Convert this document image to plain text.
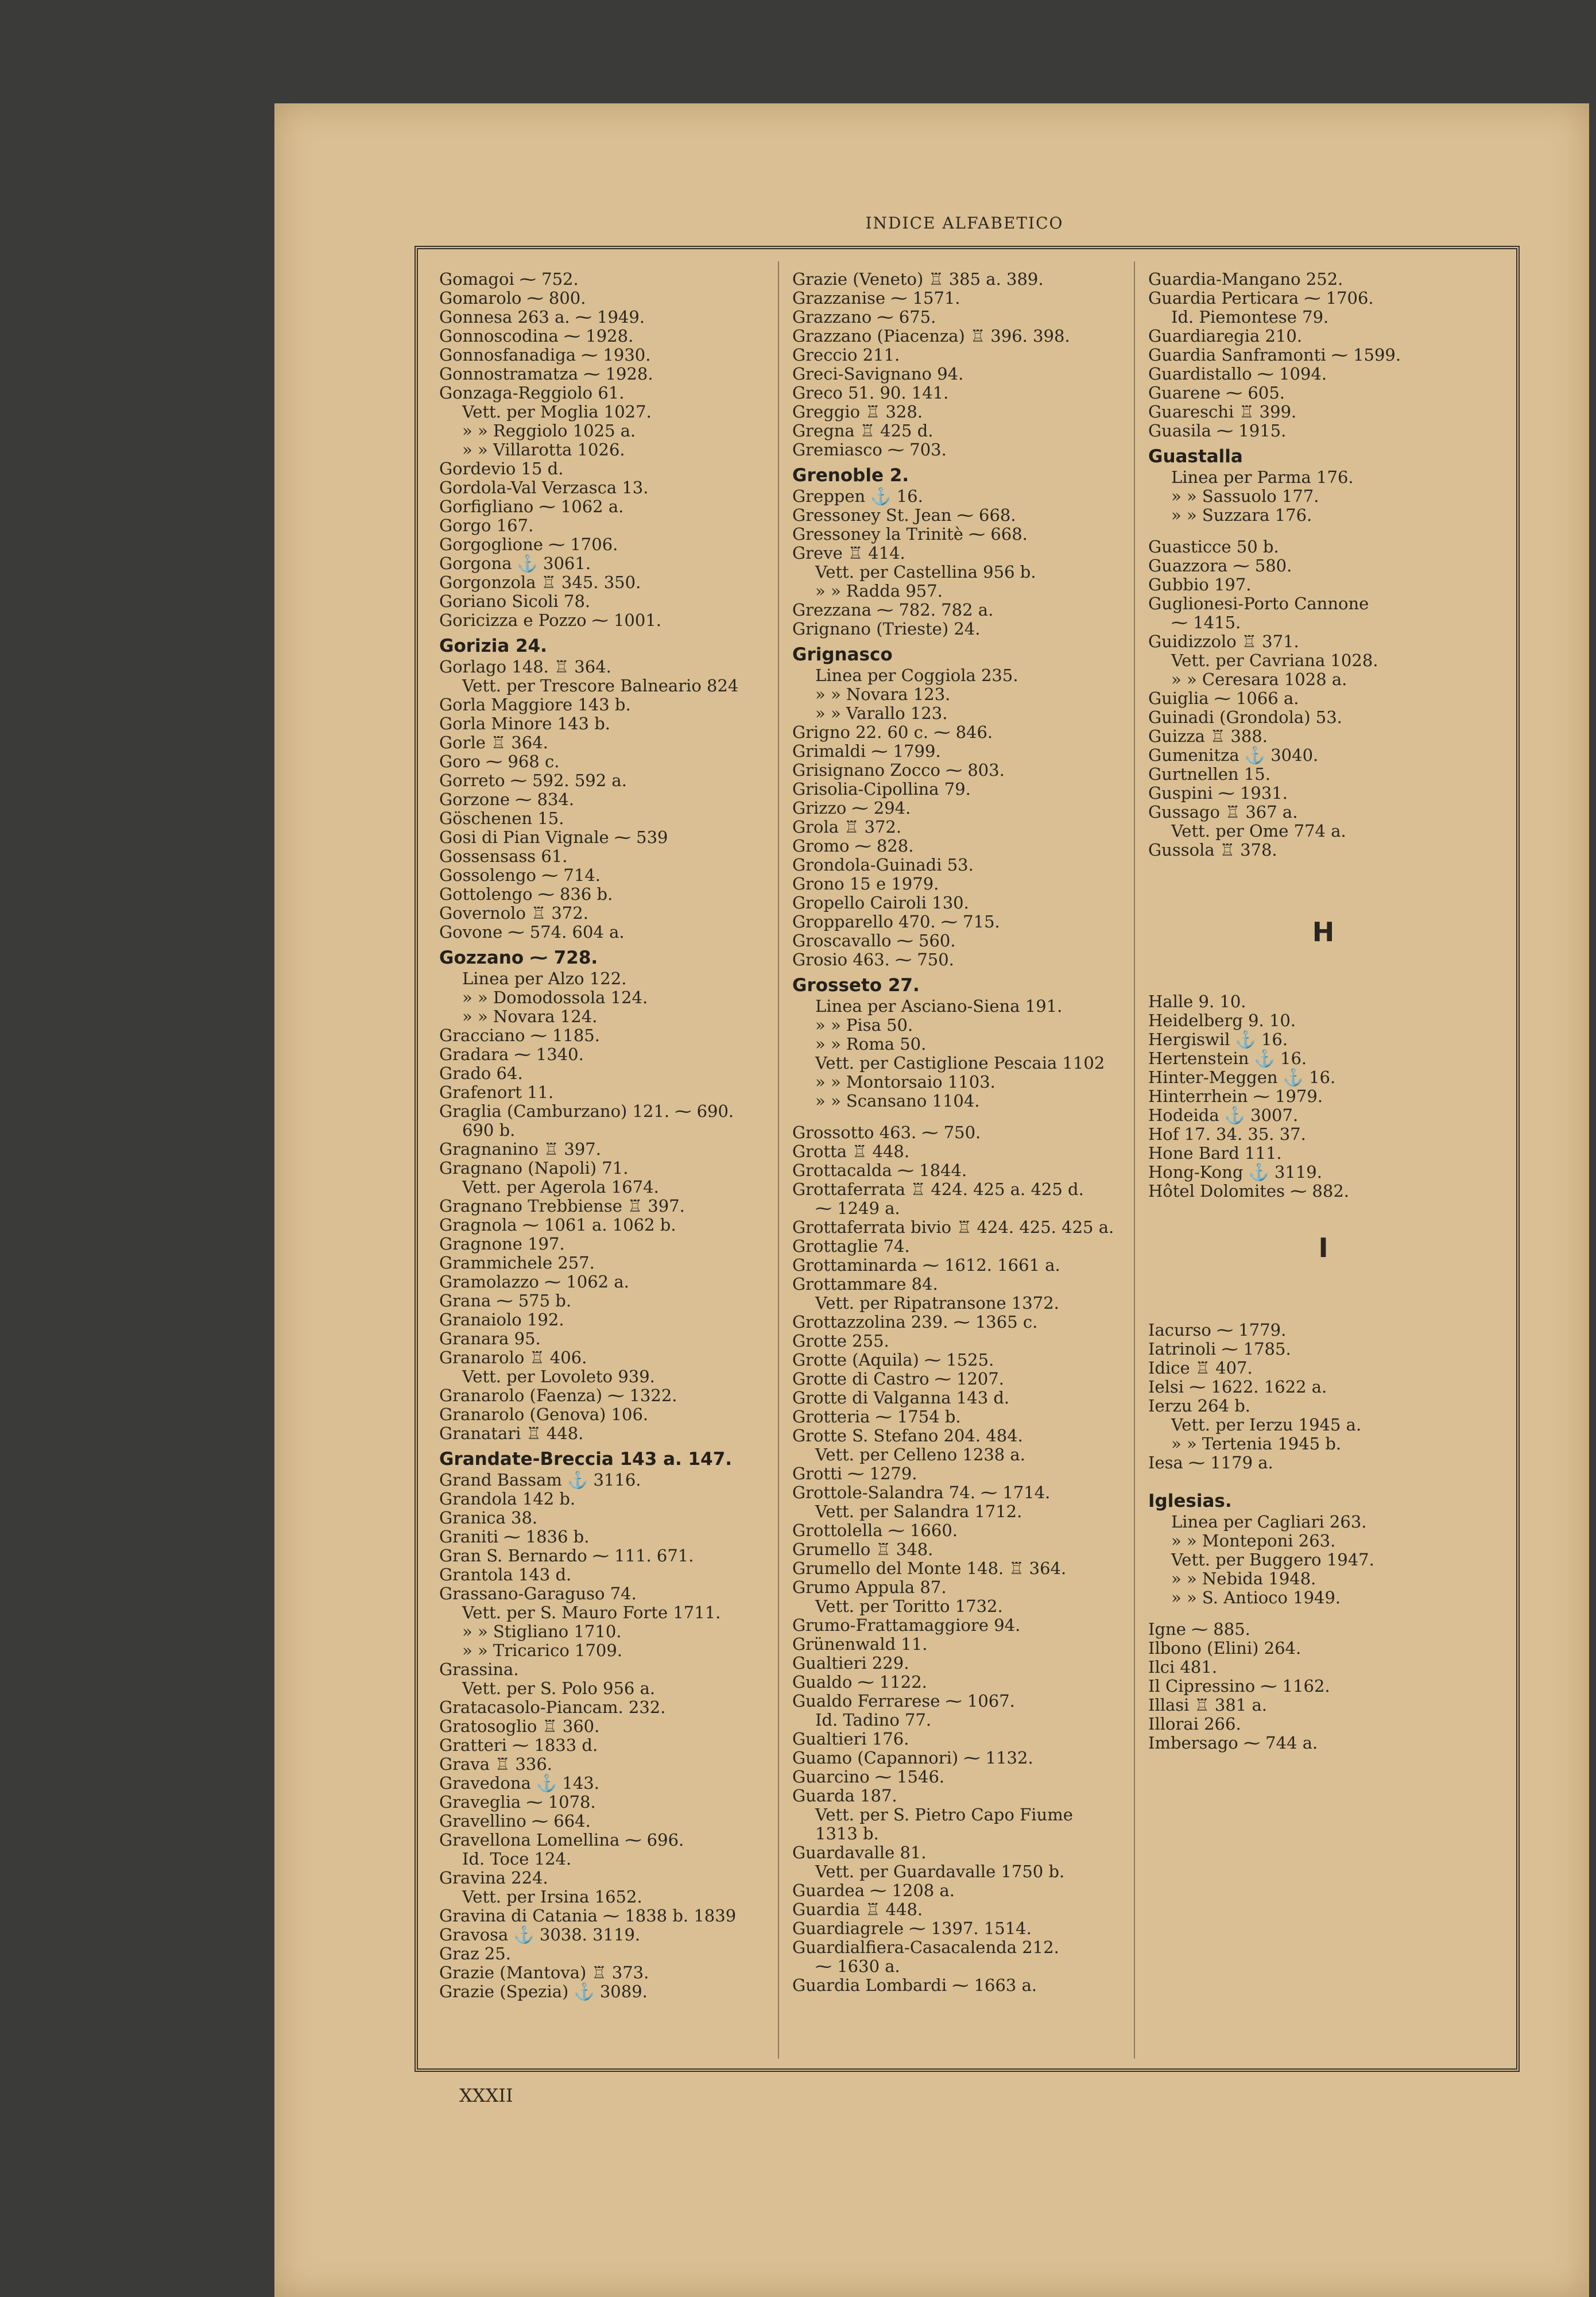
INDICE ALFABETICO
Gomagoi ⁓ 752.
Gomarolo ⁓ 800.
Gonnesa 263 a. ⁓ 1949.
Gonnoscodina ⁓ 1928.
Gonnosfanadiga ⁓ 1930.
Gonnostramatza ⁓ 1928.
Gonzaga-Reggiolo 61.
Vett. per Moglia 1027.
» » Reggiolo 1025 a.
» » Villarotta 1026.
Gordevio 15 d.
Gordola-Val Verzasca 13.
Gorfigliano ⁓ 1062 a.
Gorgo 167.
Gorgoglione ⁓ 1706.
Gorgona ⚓ 3061.
Gorgonzola ♖ 345. 350.
Goriano Sicoli 78.
Goricizza e Pozzo ⁓ 1001.
Gorizia 24.
Gorlago 148. ♖ 364.
Vett. per Trescore Balneario 824
Gorla Maggiore 143 b.
Gorla Minore 143 b.
Gorle ♖ 364.
Goro ⁓ 968 c.
Gorreto ⁓ 592. 592 a.
Gorzone ⁓ 834.
Göschenen 15.
Gosi di Pian Vignale ⁓ 539
Gossensass 61.
Gossolengo ⁓ 714.
Gottolengo ⁓ 836 b.
Governolo ♖ 372.
Govone ⁓ 574. 604 a.
Gozzano ⁓ 728.
Linea per Alzo 122.
» » Domodossola 124.
» » Novara 124.
Gracciano ⁓ 1185.
Gradara ⁓ 1340.
Grado 64.
Grafenort 11.
Graglia (Camburzano) 121. ⁓ 690.
690 b.
Gragnanino ♖ 397.
Gragnano (Napoli) 71.
Vett. per Agerola 1674.
Gragnano Trebbiense ♖ 397.
Gragnola ⁓ 1061 a. 1062 b.
Gragnone 197.
Grammichele 257.
Gramolazzo ⁓ 1062 a.
Grana ⁓ 575 b.
Granaiolo 192.
Granara 95.
Granarolo ♖ 406.
Vett. per Lovoleto 939.
Granarolo (Faenza) ⁓ 1322.
Granarolo (Genova) 106.
Granatari ♖ 448.
Grandate-Breccia 143 a. 147.
Grand Bassam ⚓ 3116.
Grandola 142 b.
Granica 38.
Graniti ⁓ 1836 b.
Gran S. Bernardo ⁓ 111. 671.
Grantola 143 d.
Grassano-Garaguso 74.
Vett. per S. Mauro Forte 1711.
» » Stigliano 1710.
» » Tricarico 1709.
Grassina.
Vett. per S. Polo 956 a.
Gratacasolo-Piancam. 232.
Gratosoglio ♖ 360.
Gratteri ⁓ 1833 d.
Grava ♖ 336.
Gravedona ⚓ 143.
Graveglia ⁓ 1078.
Gravellino ⁓ 664.
Gravellona Lomellina ⁓ 696.
Id. Toce 124.
Gravina 224.
Vett. per Irsina 1652.
Gravina di Catania ⁓ 1838 b. 1839
Gravosa ⚓ 3038. 3119.
Graz 25.
Grazie (Mantova) ♖ 373.
Grazie (Spezia) ⚓ 3089.
Grazie (Veneto) ♖ 385 a. 389.
Grazzanise ⁓ 1571.
Grazzano ⁓ 675.
Grazzano (Piacenza) ♖ 396. 398.
Greccio 211.
Greci-Savignano 94.
Greco 51. 90. 141.
Greggio ♖ 328.
Gregna ♖ 425 d.
Gremiasco ⁓ 703.
Grenoble 2.
Greppen ⚓ 16.
Gressoney St. Jean ⁓ 668.
Gressoney la Trinitè ⁓ 668.
Greve ♖ 414.
Vett. per Castellina 956 b.
» » Radda 957.
Grezzana ⁓ 782. 782 a.
Grignano (Trieste) 24.
Grignasco
Linea per Coggiola 235.
» » Novara 123.
» » Varallo 123.
Grigno 22. 60 c. ⁓ 846.
Grimaldi ⁓ 1799.
Grisignano Zocco ⁓ 803.
Grisolia-Cipollina 79.
Grizzo ⁓ 294.
Grola ♖ 372.
Gromo ⁓ 828.
Grondola-Guinadi 53.
Grono 15 e 1979.
Gropello Cairoli 130.
Gropparello 470. ⁓ 715.
Groscavallo ⁓ 560.
Grosio 463. ⁓ 750.
Grosseto 27.
Linea per Asciano-Siena 191.
» » Pisa 50.
» » Roma 50.
Vett. per Castiglione Pescaia 1102
» » Montorsaio 1103.
» » Scansano 1104.
Grossotto 463. ⁓ 750.
Grotta ♖ 448.
Grottacalda ⁓ 1844.
Grottaferrata ♖ 424. 425 a. 425 d.
⁓ 1249 a.
Grottaferrata bivio ♖ 424. 425. 425 a.
Grottaglie 74.
Grottaminarda ⁓ 1612. 1661 a.
Grottammare 84.
Vett. per Ripatransone 1372.
Grottazzolina 239. ⁓ 1365 c.
Grotte 255.
Grotte (Aquila) ⁓ 1525.
Grotte di Castro ⁓ 1207.
Grotte di Valganna 143 d.
Grotteria ⁓ 1754 b.
Grotte S. Stefano 204. 484.
Vett. per Celleno 1238 a.
Grotti ⁓ 1279.
Grottole-Salandra 74. ⁓ 1714.
Vett. per Salandra 1712.
Grottolella ⁓ 1660.
Grumello ♖ 348.
Grumello del Monte 148. ♖ 364.
Grumo Appula 87.
Vett. per Toritto 1732.
Grumo-Frattamaggiore 94.
Grünenwald 11.
Gualtieri 229.
Gualdo ⁓ 1122.
Gualdo Ferrarese ⁓ 1067.
Id. Tadino 77.
Gualtieri 176.
Guamo (Capannori) ⁓ 1132.
Guarcino ⁓ 1546.
Guarda 187.
Vett. per S. Pietro Capo Fiume
1313 b.
Guardavalle 81.
Vett. per Guardavalle 1750 b.
Guardea ⁓ 1208 a.
Guardia ♖ 448.
Guardiagrele ⁓ 1397. 1514.
Guardialfiera-Casacalenda 212.
⁓ 1630 a.
Guardia Lombardi ⁓ 1663 a.
Guardia-Mangano 252.
Guardia Perticara ⁓ 1706.
Id. Piemontese 79.
Guardiaregia 210.
Guardia Sanframonti ⁓ 1599.
Guardistallo ⁓ 1094.
Guarene ⁓ 605.
Guareschi ♖ 399.
Guasila ⁓ 1915.
Guastalla
Linea per Parma 176.
» » Sassuolo 177.
» » Suzzara 176.
Guasticce 50 b.
Guazzora ⁓ 580.
Gubbio 197.
Guglionesi-Porto Cannone
⁓ 1415.
Guidizzolo ♖ 371.
Vett. per Cavriana 1028.
» » Ceresara 1028 a.
Guiglia ⁓ 1066 a.
Guinadi (Grondola) 53.
Guizza ♖ 388.
Gumenitza ⚓ 3040.
Gurtnellen 15.
Guspini ⁓ 1931.
Gussago ♖ 367 a.
Vett. per Ome 774 a.
Gussola ♖ 378.
H
Halle 9. 10.
Heidelberg 9. 10.
Hergiswil ⚓ 16.
Hertenstein ⚓ 16.
Hinter-Meggen ⚓ 16.
Hinterrhein ⁓ 1979.
Hodeida ⚓ 3007.
Hof 17. 34. 35. 37.
Hone Bard 111.
Hong-Kong ⚓ 3119.
Hôtel Dolomites ⁓ 882.
I
Iacurso ⁓ 1779.
Iatrinoli ⁓ 1785.
Idice ♖ 407.
Ielsi ⁓ 1622. 1622 a.
Ierzu 264 b.
Vett. per Ierzu 1945 a.
» » Tertenia 1945 b.
Iesa ⁓ 1179 a.
Iglesias.
Linea per Cagliari 263.
» » Monteponi 263.
Vett. per Buggero 1947.
» » Nebida 1948.
» » S. Antioco 1949.
Igne ⁓ 885.
Ilbono (Elini) 264.
Ilci 481.
Il Cipressino ⁓ 1162.
Illasi ♖ 381 a.
Illorai 266.
Imbersago ⁓ 744 a.
XXXII
